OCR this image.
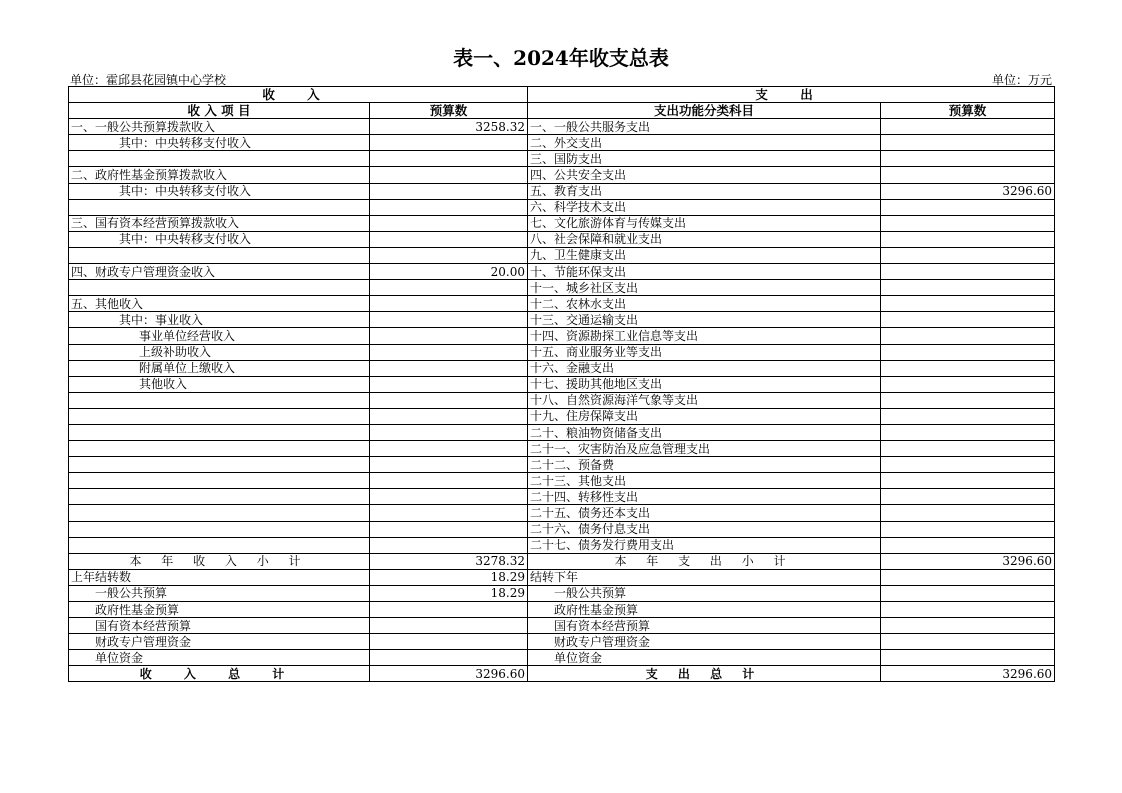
表一、2024年收支总表
单位：霍邱县花园镇中心学校	单位：万元
收 入		支 出	
收 入 项 目	预算数	支出功能分类科目	预算数
一、一般公共预算拨款收入	3258.32	一、一般公共服务支出	
其中：中央转移支付收入		二、外交支出	
		三、国防支出	
二、政府性基金预算拨款收入		四、公共安全支出	
其中：中央转移支付收入		五、教育支出	3296.60
		六、科学技术支出	
三、国有资本经营预算拨款收入		七、文化旅游体育与传媒支出	
其中：中央转移支付收入		八、社会保障和就业支出	
		九、卫生健康支出	
四、财政专户管理资金收入	20.00	十、节能环保支出	
		十一、城乡社区支出	
五、其他收入		十二、农林水支出	
其中：事业收入		十三、交通运输支出	
事业单位经营收入		十四、资源勘探工业信息等支出	
上级补助收入		十五、商业服务业等支出	
附属单位上缴收入		十六、金融支出	
其他收入		十七、援助其他地区支出	
		十八、自然资源海洋气象等支出	
		十九、住房保障支出	
		二十、粮油物资储备支出	
		二十一、灾害防治及应急管理支出	
		二十二、预备费	
		二十三、其他支出	
		二十四、转移性支出	
		二十五、债务还本支出	
		二十六、债务付息支出	
		二十七、债务发行费用支出	
本 年 收 入 小 计	3278.32	本 年 支 出 小 计	3296.60
上年结转数	18.29	结转下年	
一般公共预算	18.29	一般公共预算	
政府性基金预算		政府性基金预算	
国有资本经营预算		国有资本经营预算	
财政专户管理资金		财政专户管理资金	
单位资金		单位资金	
收 入 总 计	3296.60	支 出 总 计	3296.60
